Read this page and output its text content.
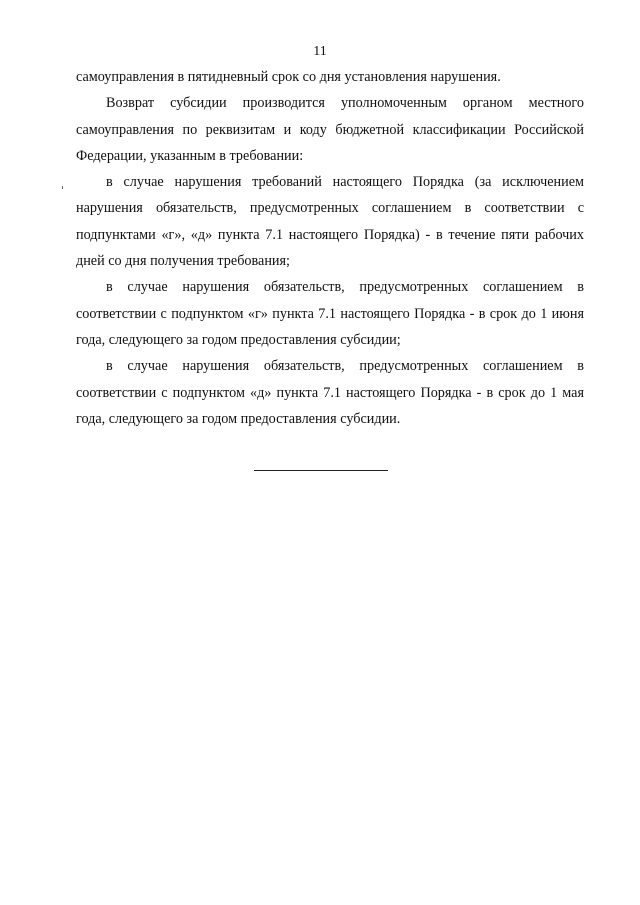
11

самоуправления в пятидневный срок со дня установления нарушения.

Возврат субсидии производится уполномоченным органом местного самоуправления по реквизитам и коду бюджетной классификации Российской Федерации, указанным в требовании:

в случае нарушения требований настоящего Порядка (за исключением нарушения обязательств, предусмотренных соглашением в соответствии с подпунктами «г», «д» пункта 7.1 настоящего Порядка) - в течение пяти рабочих дней со дня получения требования;

в случае нарушения обязательств, предусмотренных соглашением в соответствии с подпунктом «г» пункта 7.1 настоящего Порядка - в срок до 1 июня года, следующего за годом предоставления субсидии;

в случае нарушения обязательств, предусмотренных соглашением в соответствии с подпунктом «д» пункта 7.1 настоящего Порядка - в срок до 1 мая года, следующего за годом предоставления субсидии.
